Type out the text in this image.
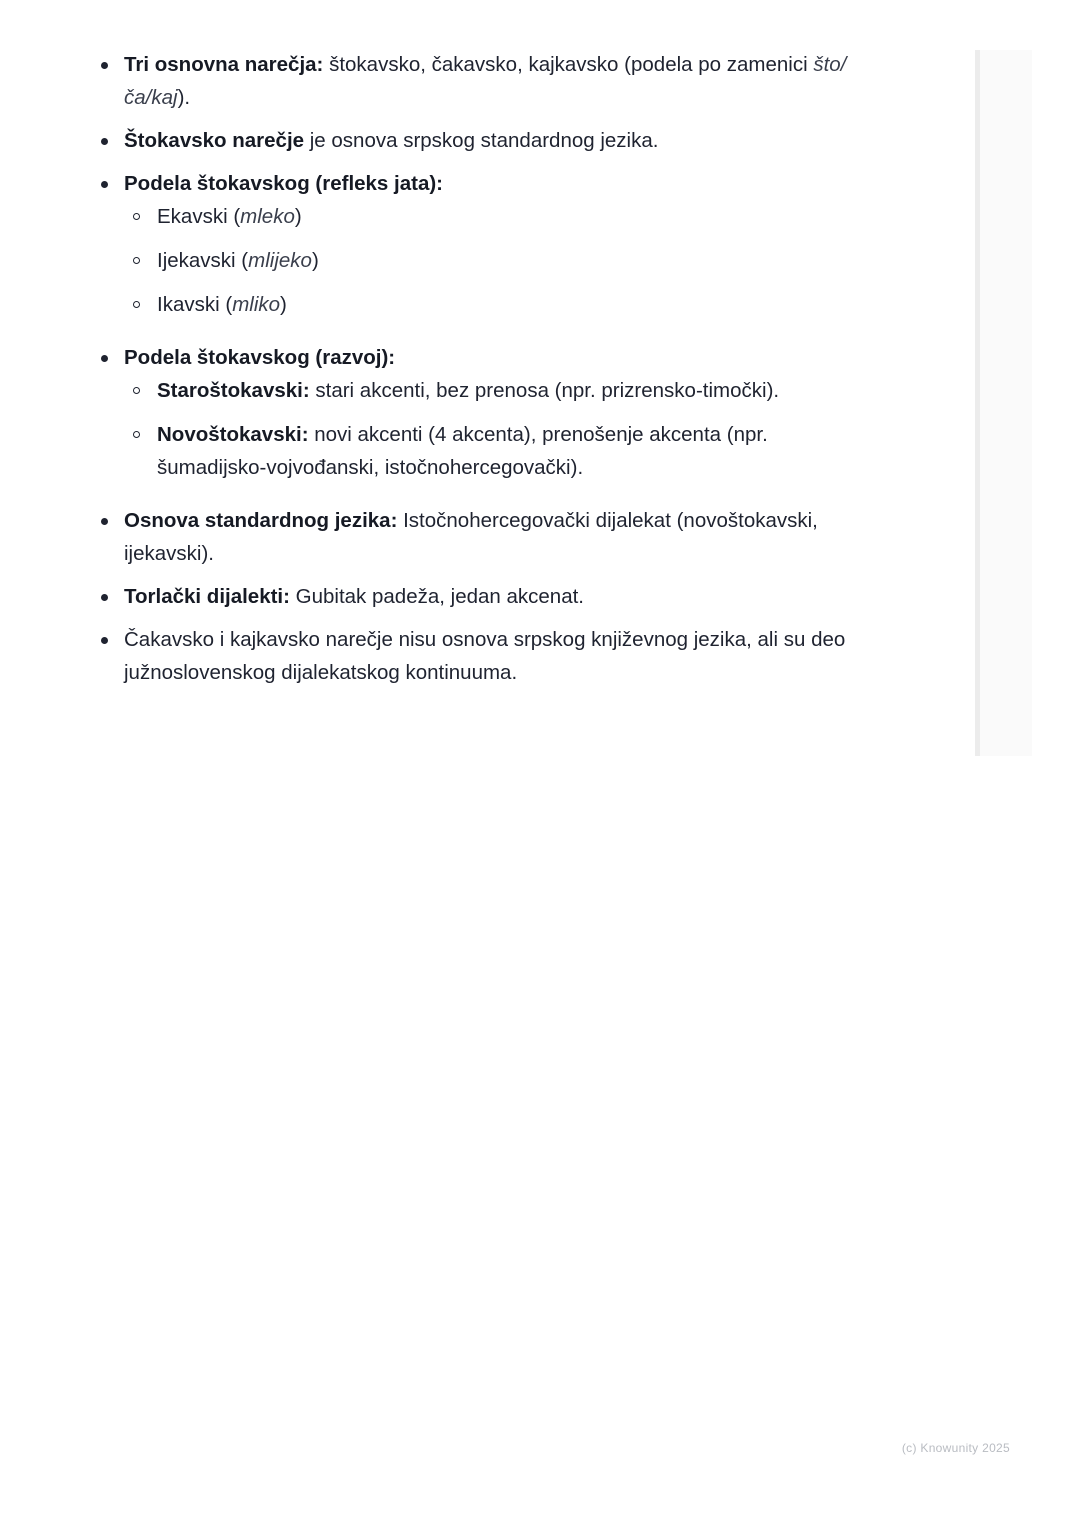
Tri osnovna narečja: štokavsko, čakavsko, kajkavsko (podela po zamenici što/ča/kaj).
Štokavsko narečje je osnova srpskog standardnog jezika.
Podela štokavskog (refleks jata):
Ekavski (mleko)
Ijekavski (mlijeko)
Ikavski (mliko)
Podela štokavskog (razvoj):
Staroštokavski: stari akcenti, bez prenosa (npr. prizrensko-timočki).
Novoštokavski: novi akcenti (4 akcenta), prenošenje akcenta (npr. šumadijsko-vojvođanski, istočnohercegovački).
Osnova standardnog jezika: Istočnohercegovački dijalekat (novoštokavski, ijekavski).
Torlački dijalekti: Gubitak padeža, jedan akcenat.
Čakavsko i kajkavsko narečje nisu osnova srpskog književnog jezika, ali su deo južnoslovenskog dijalekatskog kontinuuma.
(c) Knowunity 2025
